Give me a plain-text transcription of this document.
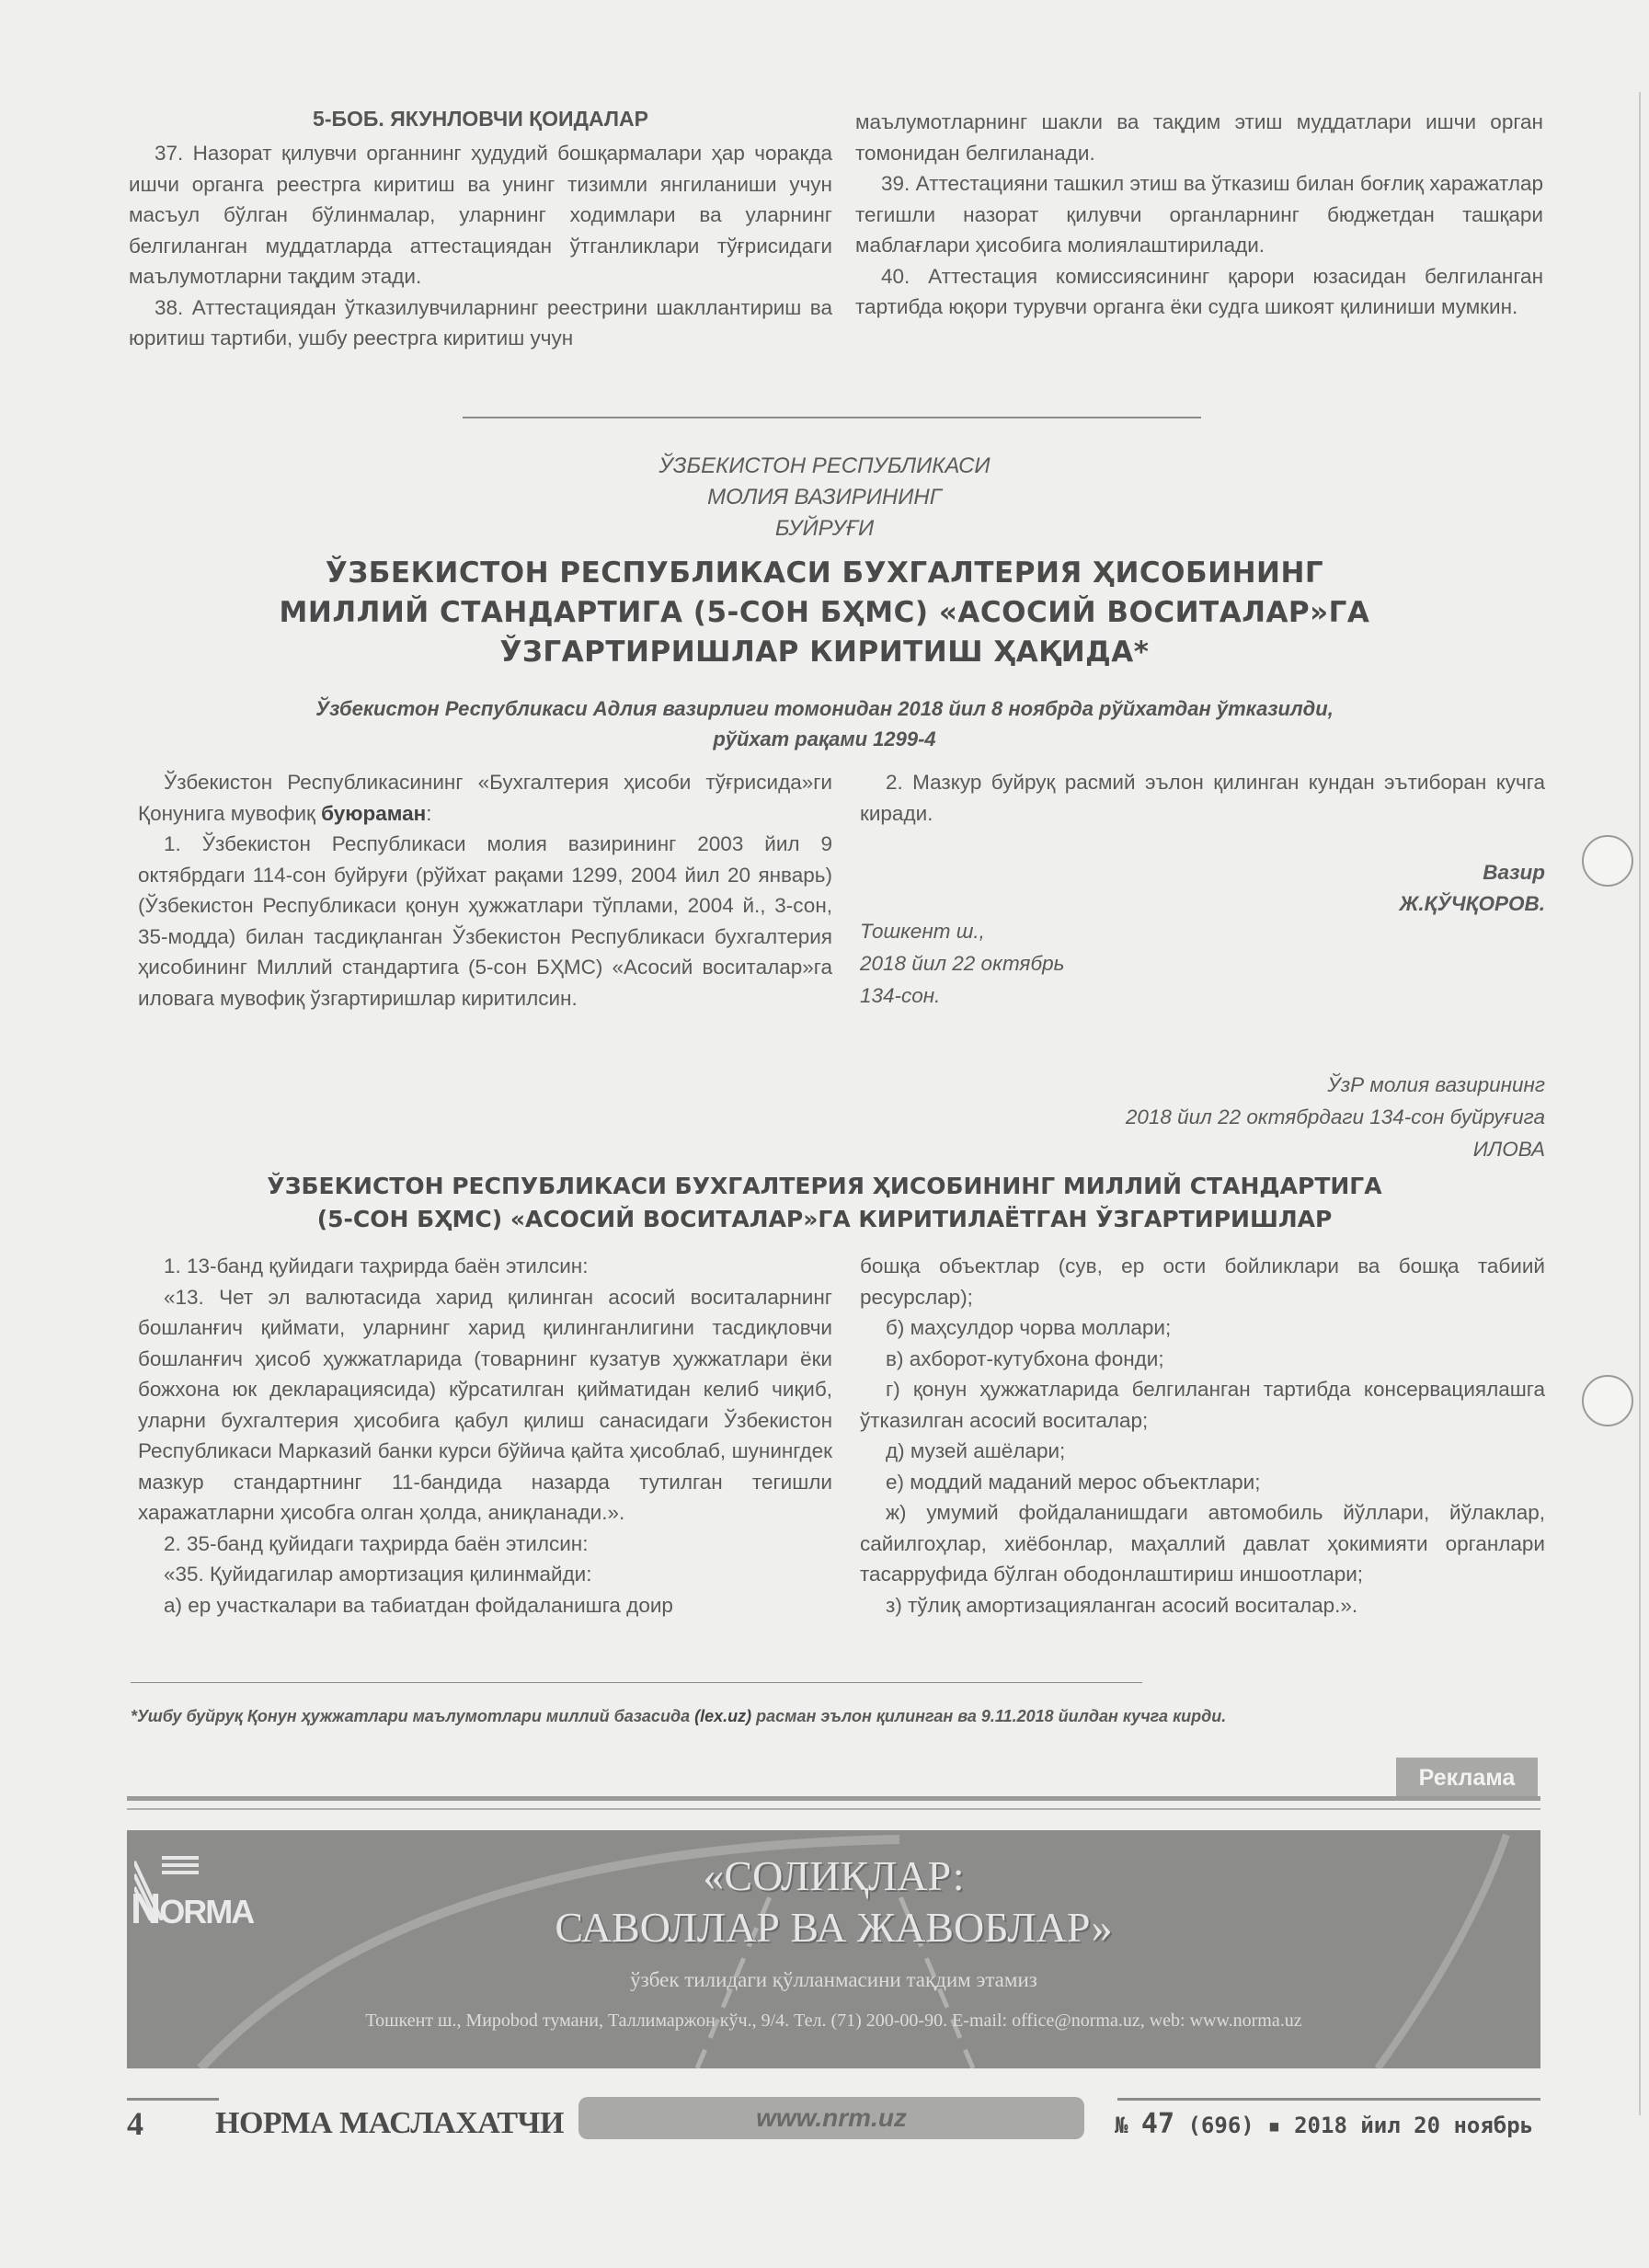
5-БОБ. ЯКУНЛОВЧИ ҚОИДАЛАР

37. Назорат қилувчи органнинг ҳудудий бошқармалари ҳар чоракда ишчи органга реестрга киритиш ва унинг тизимли янгиланиши учун масъул бўлган бўлинмалар, уларнинг ходимлари ва уларнинг белгиланган муддатларда аттестациядан ўтганликлари тўғрисидаги маълумотларни тақдим этади.

38. Аттестациядан ўтказилувчиларнинг реестрини шакллантириш ва юритиш тартиби, ушбу реестрга киритиш учун

маълумотларнинг шакли ва тақдим этиш муддатлари ишчи орган томонидан белгиланади.

39. Аттестацияни ташкил этиш ва ўтказиш билан боғлиқ харажатлар тегишли назорат қилувчи органларнинг бюджетдан ташқари маблағлари ҳисобига молиялаштирилади.

40. Аттестация комиссиясининг қарори юзасидан белгиланган тартибда юқори турувчи органга ёки судга шикоят қилиниши мумкин.

ЎЗБЕКИСТОН РЕСПУБЛИКАСИ
МОЛИЯ ВАЗИРИНИНГ
БУЙРУҒИ
ЎЗБЕКИСТОН РЕСПУБЛИКАСИ БУХГАЛТЕРИЯ ҲИСОБИНИНГ
МИЛЛИЙ СТАНДАРТИГА (5-СОН БҲМС) «АСОСИЙ ВОСИТАЛАР»ГА
ЎЗГАРТИРИШЛАР КИРИТИШ ҲАҚИДА*
Ўзбекистон Республикаси Адлия вазирлиги томонидан 2018 йил 8 ноябрда рўйхатдан ўтказилди,
рўйхат рақами 1299-4

Ўзбекистон Республикасининг «Бухгалтерия ҳисоби тўғрисида»ги Қонунига мувофиқ буюраман:

1. Ўзбекистон Республикаси молия вазирининг 2003 йил 9 октябрдаги 114-сон буйруғи (рўйхат рақами 1299, 2004 йил 20 январь) (Ўзбекистон Республикаси қонун ҳужжатлари тўплами, 2004 й., 3-сон, 35-модда) билан тасдиқланган Ўзбекистон Республикаси бухгалтерия ҳисобининг Миллий стандартига (5-сон БҲМС) «Асосий воситалар»га иловага мувофиқ ўзгартиришлар киритилсин.

2. Мазкур буйруқ расмий эълон қилинган кундан эътиборан кучга киради.

Вазир
Ж.ҚЎЧҚОРОВ.
Тошкент ш.,
2018 йил 22 октябрь
134-сон.
ЎзР молия вазирининг
2018 йил 22 октябрдаги 134-сон буйруғига
ИЛОВА
ЎЗБЕКИСТОН РЕСПУБЛИКАСИ БУХГАЛТЕРИЯ ҲИСОБИНИНГ МИЛЛИЙ СТАНДАРТИГА
(5-СОН БҲМС) «АСОСИЙ ВОСИТАЛАР»ГА КИРИТИЛАЁТГАН ЎЗГАРТИРИШЛАР

1. 13-банд қуйидаги таҳрирда баён этилсин:

«13. Чет эл валютасида харид қилинган асосий воситаларнинг бошланғич қиймати, уларнинг харид қилинганлигини тасдиқловчи бошланғич ҳисоб ҳужжатларида (товарнинг кузатув ҳужжатлари ёки божхона юк декларациясида) кўрсатилган қийматидан келиб чиқиб, уларни бухгалтерия ҳисобига қабул қилиш санасидаги Ўзбекистон Республикаси Марказий банки курси бўйича қайта ҳисоблаб, шунингдек мазкур стандартнинг 11-бандида назарда тутилган тегишли харажатларни ҳисобга олган ҳолда, аниқланади.».

2. 35-банд қуйидаги таҳрирда баён этилсин:

«35. Қуйидагилар амортизация қилинмайди:

а) ер участкалари ва табиатдан фойдаланишга доир

бошқа объектлар (сув, ер ости бойликлари ва бошқа табиий ресурслар);

б) маҳсулдор чорва моллари;

в) ахборот-кутубхона фонди;

г) қонун ҳужжатларида белгиланган тартибда консервациялашга ўтказилган асосий воситалар;

д) музей ашёлари;

е) моддий маданий мерос объектлари;

ж) умумий фойдаланишдаги автомобиль йўллари, йўлаклар, сайилгоҳлар, хиёбонлар, маҳаллий давлат ҳокимияти органлари тасарруфида бўлган ободонлаштириш иншоотлари;

з) тўлиқ амортизацияланган асосий воситалар.».

*Ушбу буйруқ Қонун ҳужжатлари маълумотлари миллий базасида (lex.uz) расман эълон қилинган ва 9.11.2018 йилдан кучга кирди.
Реклама
NORMA
«СОЛИҚЛАР:
САВОЛЛАР ВА ЖАВОБЛАР»
ўзбек тилидаги қўлланмасини тақдим этамиз
Тошкент ш., Мирobod тумани, Таллимаржон кўч., 9/4. Тел. (71) 200-00-90. E-mail: office@norma.uz, web: www.norma.uz
4 НОРМА МАСЛАХАТЧИ	www.nrm.uz	№ 47 (696) ▪ 2018 йил 20 ноябрь
